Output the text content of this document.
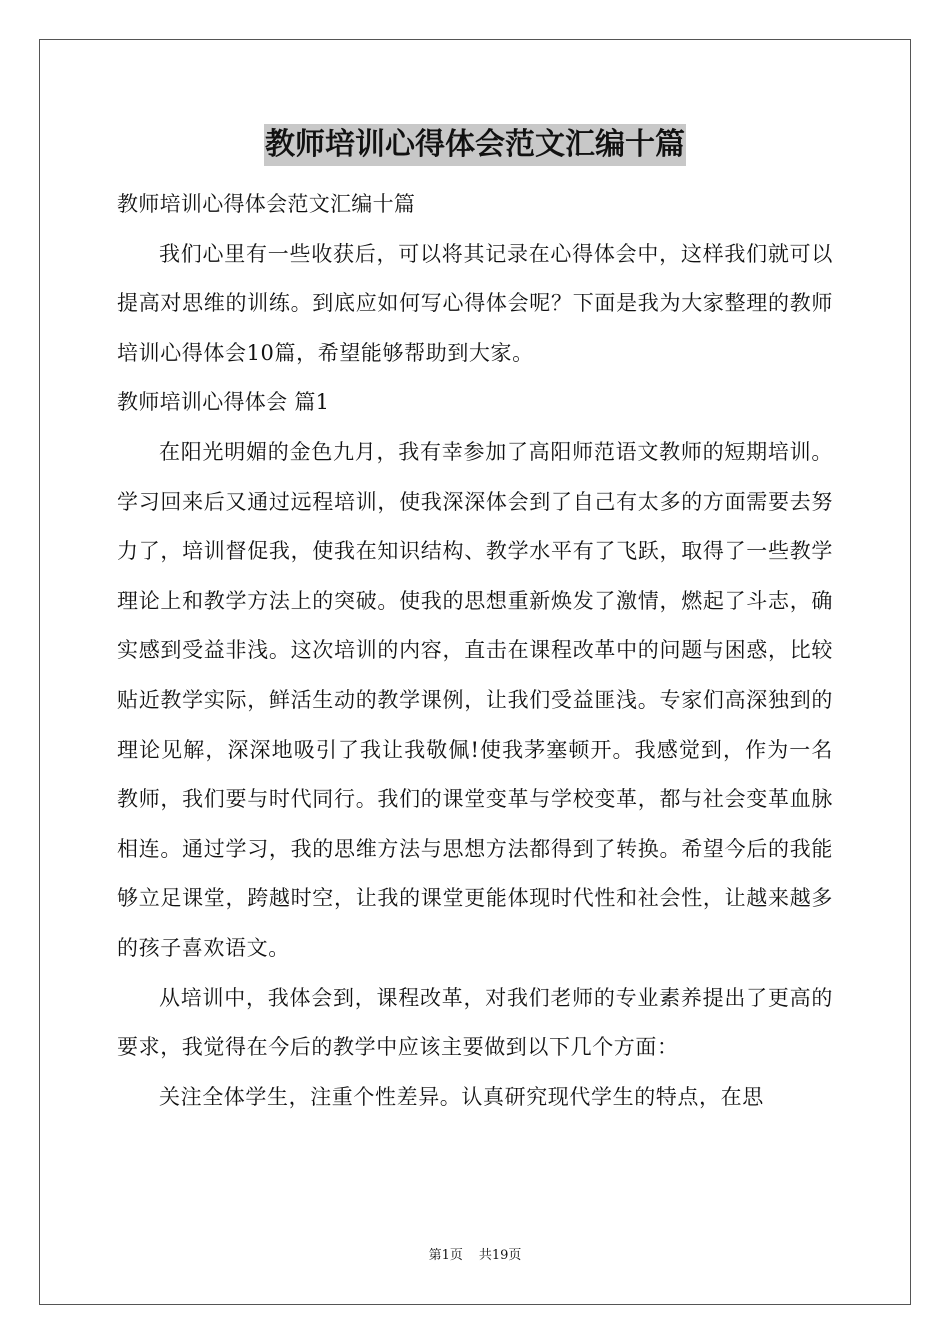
教师培训心得体会范文汇编十篇

教师培训心得体会范文汇编十篇

我们心里有一些收获后，可以将其记录在心得体会中，这样我们就可以提高对思维的训练。到底应如何写心得体会呢？下面是我为大家整理的教师培训心得体会10篇，希望能够帮助到大家。

教师培训心得体会 篇1

在阳光明媚的金色九月，我有幸参加了高阳师范语文教师的短期培训。学习回来后又通过远程培训，使我深深体会到了自己有太多的方面需要去努力了，培训督促我，使我在知识结构、教学水平有了飞跃，取得了一些教学理论上和教学方法上的突破。使我的思想重新焕发了激情，燃起了斗志，确实感到受益非浅。这次培训的内容，直击在课程改革中的问题与困惑，比较贴近教学实际，鲜活生动的教学课例，让我们受益匪浅。专家们高深独到的理论见解，深深地吸引了我让我敬佩!使我茅塞顿开。我感觉到，作为一名教师，我们要与时代同行。我们的课堂变革与学校变革，都与社会变革血脉相连。通过学习，我的思维方法与思想方法都得到了转换。希望今后的我能够立足课堂，跨越时空，让我的课堂更能体现时代性和社会性，让越来越多的孩子喜欢语文。

从培训中，我体会到，课程改革，对我们老师的专业素养提出了更高的要求，我觉得在今后的教学中应该主要做到以下几个方面：

关注全体学生，注重个性差异。认真研究现代学生的特点，在思

第1页 共19页
